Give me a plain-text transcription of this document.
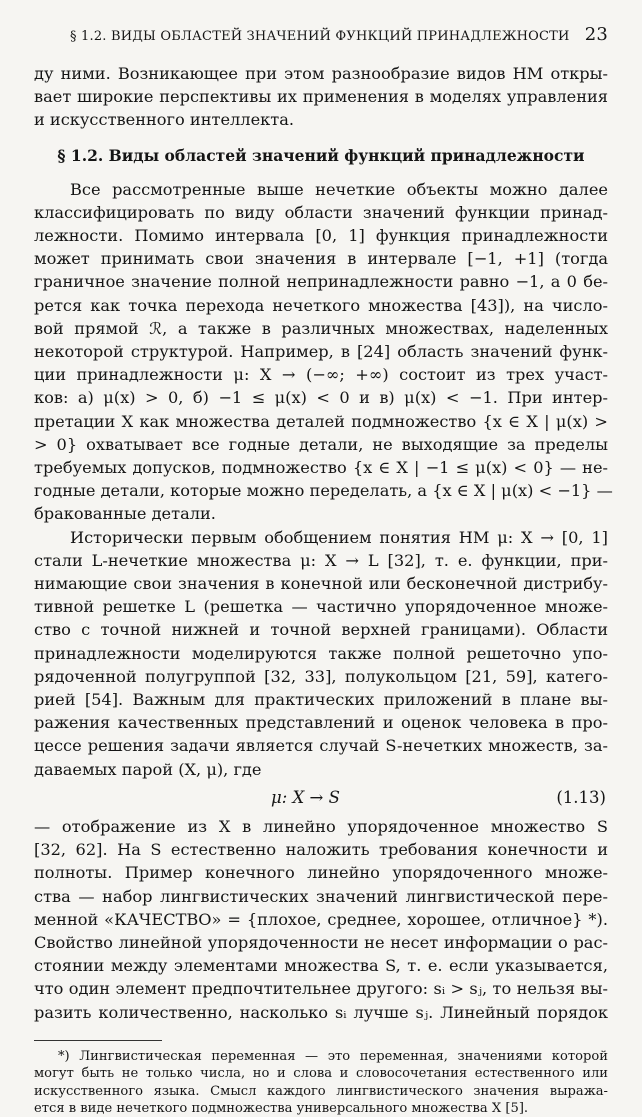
§ 1.2. ВИДЫ ОБЛАСТЕЙ ЗНАЧЕНИЙ ФУНКЦИЙ ПРИНАДЛЕЖНОСТИ 23
ду ними. Возникающее при этом разнообразие видов НМ откры-
вает широкие перспективы их применения в моделях управления
и искусственного интеллекта.
§ 1.2. Виды областей значений функций принадлежности
Все рассмотренные выше нечеткие объекты можно далее
классифицировать по виду области значений функции принад-
лежности. Помимо интервала [0, 1] функция принадлежности
может принимать свои значения в интервале [−1, +1] (тогда
граничное значение полной непринадлежности равно −1, а 0 бе-
рется как точка перехода нечеткого множества [43]), на число-
вой прямой ℛ, а также в различных множествах, наделенных
некоторой структурой. Например, в [24] область значений функ-
ции принадлежности μ: X → (−∞; +∞) состоит из трех участ-
ков: а) μ(x) > 0, б) −1 ≤ μ(x) < 0 и в) μ(x) < −1. При интер-
претации X как множества деталей подмножество {x ∈ X | μ(x) >
> 0} охватывает все годные детали, не выходящие за пределы
требуемых допусков, подмножество {x ∈ X | −1 ≤ μ(x) < 0} — не-
годные детали, которые можно переделать, а {x ∈ X | μ(x) < −1} —
бракованные детали.
Исторически первым обобщением понятия НМ μ: X → [0, 1]
стали L-нечеткие множества μ: X → L [32], т. е. функции, при-
нимающие свои значения в конечной или бесконечной дистрибу-
тивной решетке L (решетка — частично упорядоченное множе-
ство с точной нижней и точной верхней границами). Области
принадлежности моделируются также полной решеточно упо-
рядоченной полугруппой [32, 33], полукольцом [21, 59], катего-
рией [54]. Важным для практических приложений в плане вы-
ражения качественных представлений и оценок человека в про-
цессе решения задачи является случай S-нечетких множеств, за-
даваемых парой (X, μ), где
μ: X → S	(1.13)
— отображение из X в линейно упорядоченное множество S
[32, 62]. На S естественно наложить требования конечности и
полноты. Пример конечного линейно упорядоченного множе-
ства — набор лингвистических значений лингвистической пере-
менной «КАЧЕСТВО» = {плохое, среднее, хорошее, отличное} *).
Свойство линейной упорядоченности не несет информации о рас-
стоянии между элементами множества S, т. е. если указывается,
что один элемент предпочтительнее другого: sᵢ > sⱼ, то нельзя вы-
разить количественно, насколько sᵢ лучше sⱼ. Линейный порядок
*) Лингвистическая переменная — это переменная, значениями которой
могут быть не только числа, но и слова и словосочетания естественного или
искусственного языка. Смысл каждого лингвистического значения выража-
ется в виде нечеткого подмножества универсального множества X [5].
